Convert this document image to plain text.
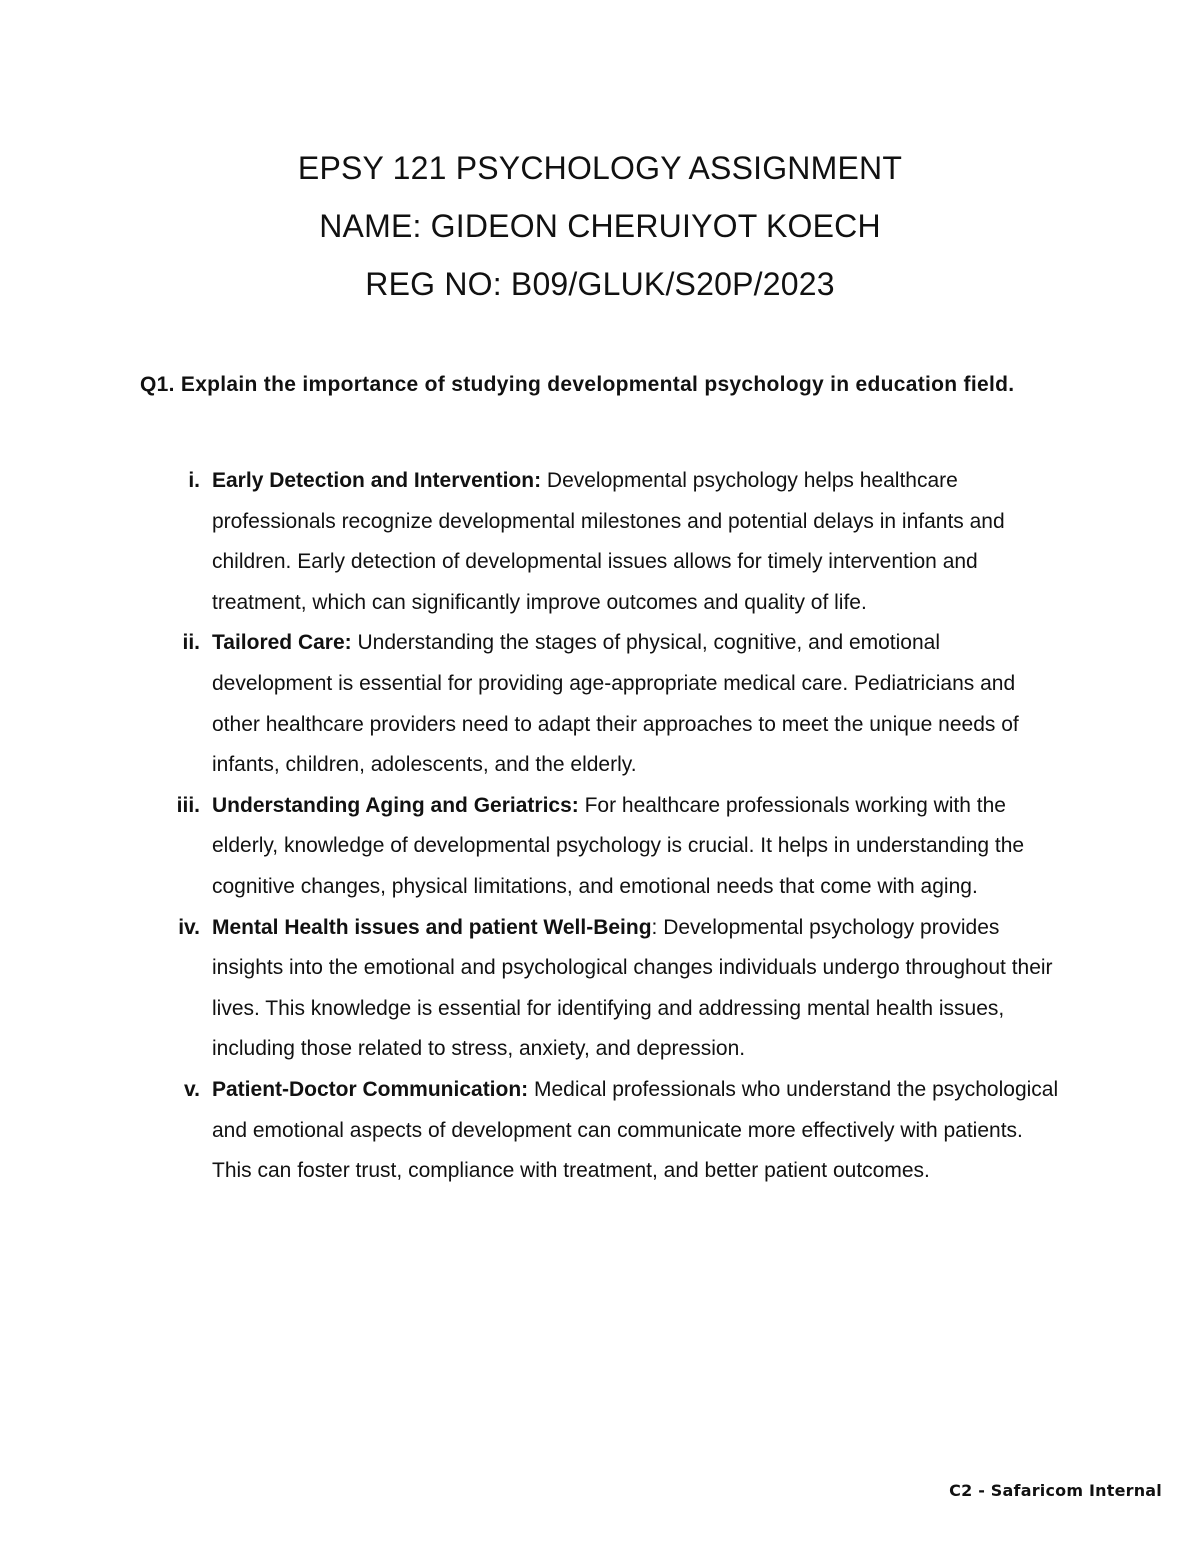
EPSY 121 PSYCHOLOGY ASSIGNMENT

NAME: GIDEON CHERUIYOT KOECH

REG NO: B09/GLUK/S20P/2023

Q1. Explain the importance of studying developmental psychology in education field.

i. Early Detection and Intervention: Developmental psychology helps healthcare professionals recognize developmental milestones and potential delays in infants and children. Early detection of developmental issues allows for timely intervention and treatment, which can significantly improve outcomes and quality of life.
ii. Tailored Care: Understanding the stages of physical, cognitive, and emotional development is essential for providing age-appropriate medical care. Pediatricians and other healthcare providers need to adapt their approaches to meet the unique needs of infants, children, adolescents, and the elderly.
iii. Understanding Aging and Geriatrics: For healthcare professionals working with the elderly, knowledge of developmental psychology is crucial. It helps in understanding the cognitive changes, physical limitations, and emotional needs that come with aging.
iv. Mental Health issues and patient Well-Being: Developmental psychology provides insights into the emotional and psychological changes individuals undergo throughout their lives. This knowledge is essential for identifying and addressing mental health issues, including those related to stress, anxiety, and depression.
v. Patient-Doctor Communication: Medical professionals who understand the psychological and emotional aspects of development can communicate more effectively with patients. This can foster trust, compliance with treatment, and better patient outcomes.
C2 - Safaricom Internal
